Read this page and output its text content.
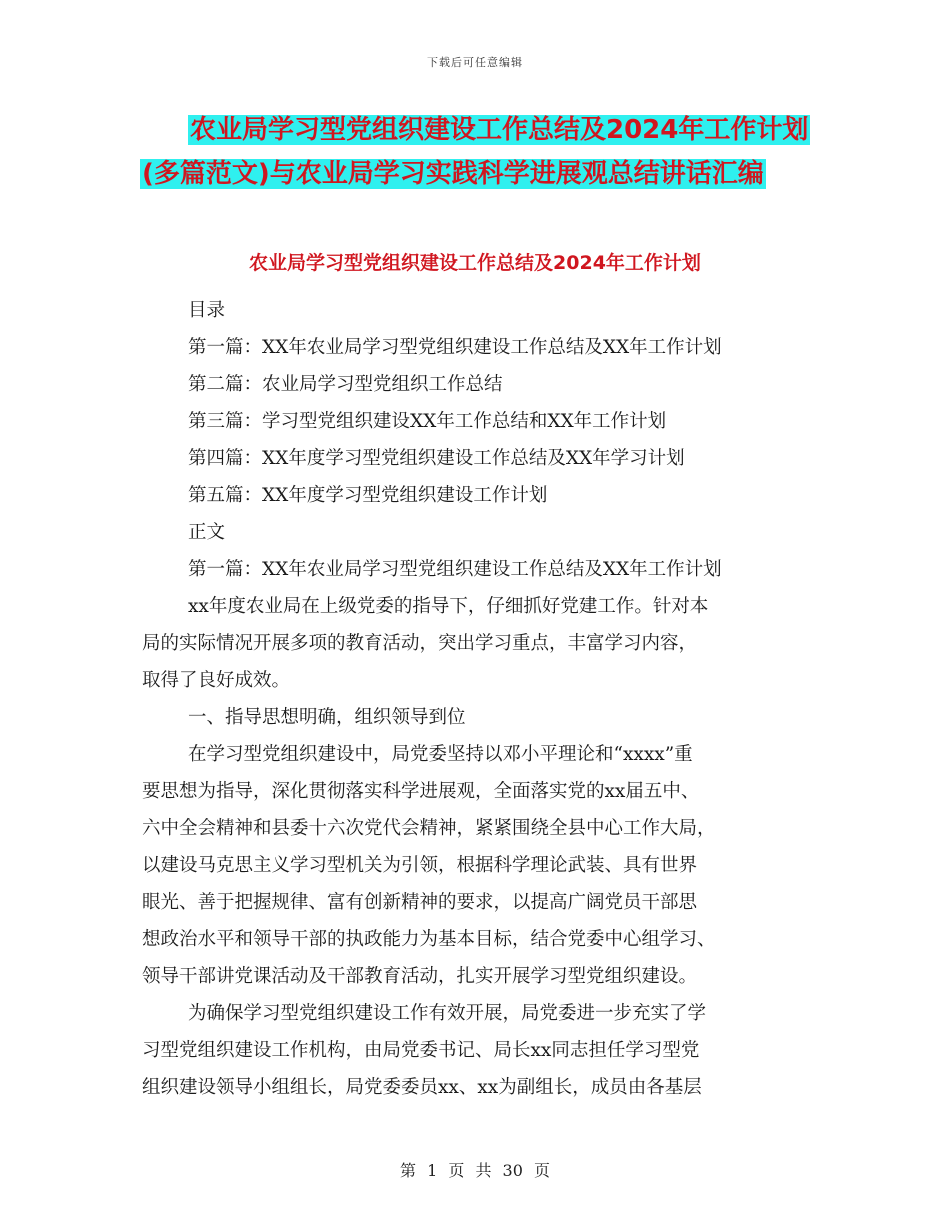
下载后可任意编辑
农业局学习型党组织建设工作总结及2024年工作计划
(多篇范文)与农业局学习实践科学进展观总结讲话汇编
农业局学习型党组织建设工作总结及2024年工作计划
目录
第一篇：XX年农业局学习型党组织建设工作总结及XX年工作计划
第二篇：农业局学习型党组织工作总结
第三篇：学习型党组织建设XX年工作总结和XX年工作计划
第四篇：XX年度学习型党组织建设工作总结及XX年学习计划
第五篇：XX年度学习型党组织建设工作计划
正文
第一篇：XX年农业局学习型党组织建设工作总结及XX年工作计划
xx年度农业局在上级党委的指导下，仔细抓好党建工作。针对本
局的实际情况开展多项的教育活动，突出学习重点，丰富学习内容，
取得了良好成效。
一、指导思想明确，组织领导到位
在学习型党组织建设中，局党委坚持以邓小平理论和“xxxx”重
要思想为指导，深化贯彻落实科学进展观，全面落实党的xx届五中、
六中全会精神和县委十六次党代会精神，紧紧围绕全县中心工作大局，
以建设马克思主义学习型机关为引领，根据科学理论武装、具有世界
眼光、善于把握规律、富有创新精神的要求，以提高广阔党员干部思
想政治水平和领导干部的执政能力为基本目标，结合党委中心组学习、
领导干部讲党课活动及干部教育活动，扎实开展学习型党组织建设。
为确保学习型党组织建设工作有效开展，局党委进一步充实了学
习型党组织建设工作机构，由局党委书记、局长xx同志担任学习型党
组织建设领导小组组长，局党委委员xx、xx为副组长，成员由各基层
第 1 页 共 30 页
